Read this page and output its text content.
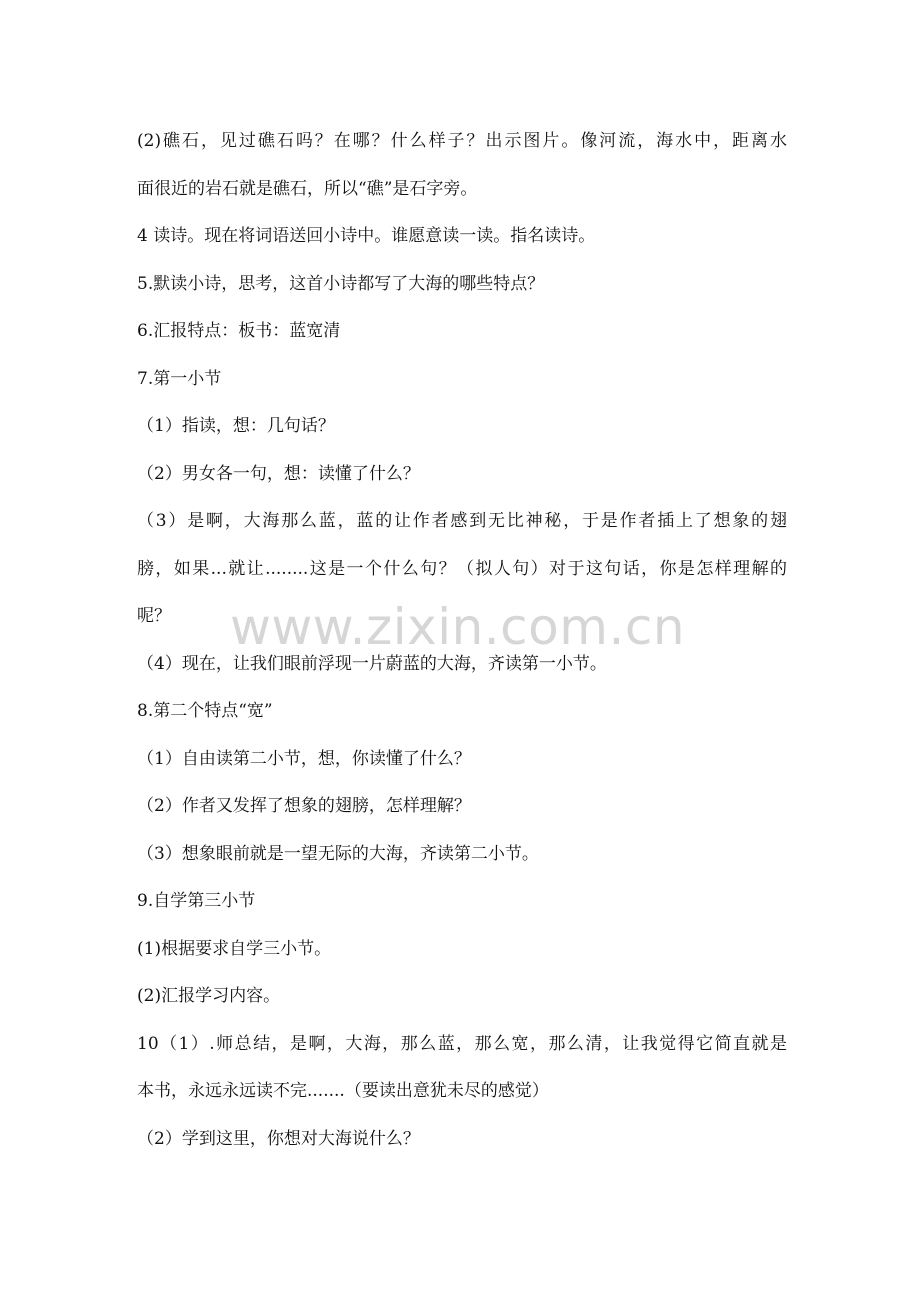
(2)礁石，见过礁石吗？在哪？什么样子？出示图片。像河流，海水中，距离水

面很近的岩石就是礁石，所以“礁”是石字旁。

4 读诗。现在将词语送回小诗中。谁愿意读一读。指名读诗。

5.默读小诗，思考，这首小诗都写了大海的哪些特点？

6.汇报特点：板书：蓝宽清

7.第一小节

（1）指读，想：几句话？

（2）男女各一句，想：读懂了什么？

（3）是啊，大海那么蓝，蓝的让作者感到无比神秘，于是作者插上了想象的翅

膀，如果...就让........这是一个什么句？（拟人句）对于这句话，你是怎样理解的

呢？

（4）现在，让我们眼前浮现一片蔚蓝的大海，齐读第一小节。

8.第二个特点“宽”

（1）自由读第二小节，想，你读懂了什么？

（2）作者又发挥了想象的翅膀，怎样理解？

（3）想象眼前就是一望无际的大海，齐读第二小节。

9.自学第三小节

(1)根据要求自学三小节。

(2)汇报学习内容。

10（1）.师总结，是啊，大海，那么蓝，那么宽，那么清，让我觉得它简直就是

本书，永远永远读不完.......（要读出意犹未尽的感觉）

（2）学到这里，你想对大海说什么？

www.zixin.com.cn
